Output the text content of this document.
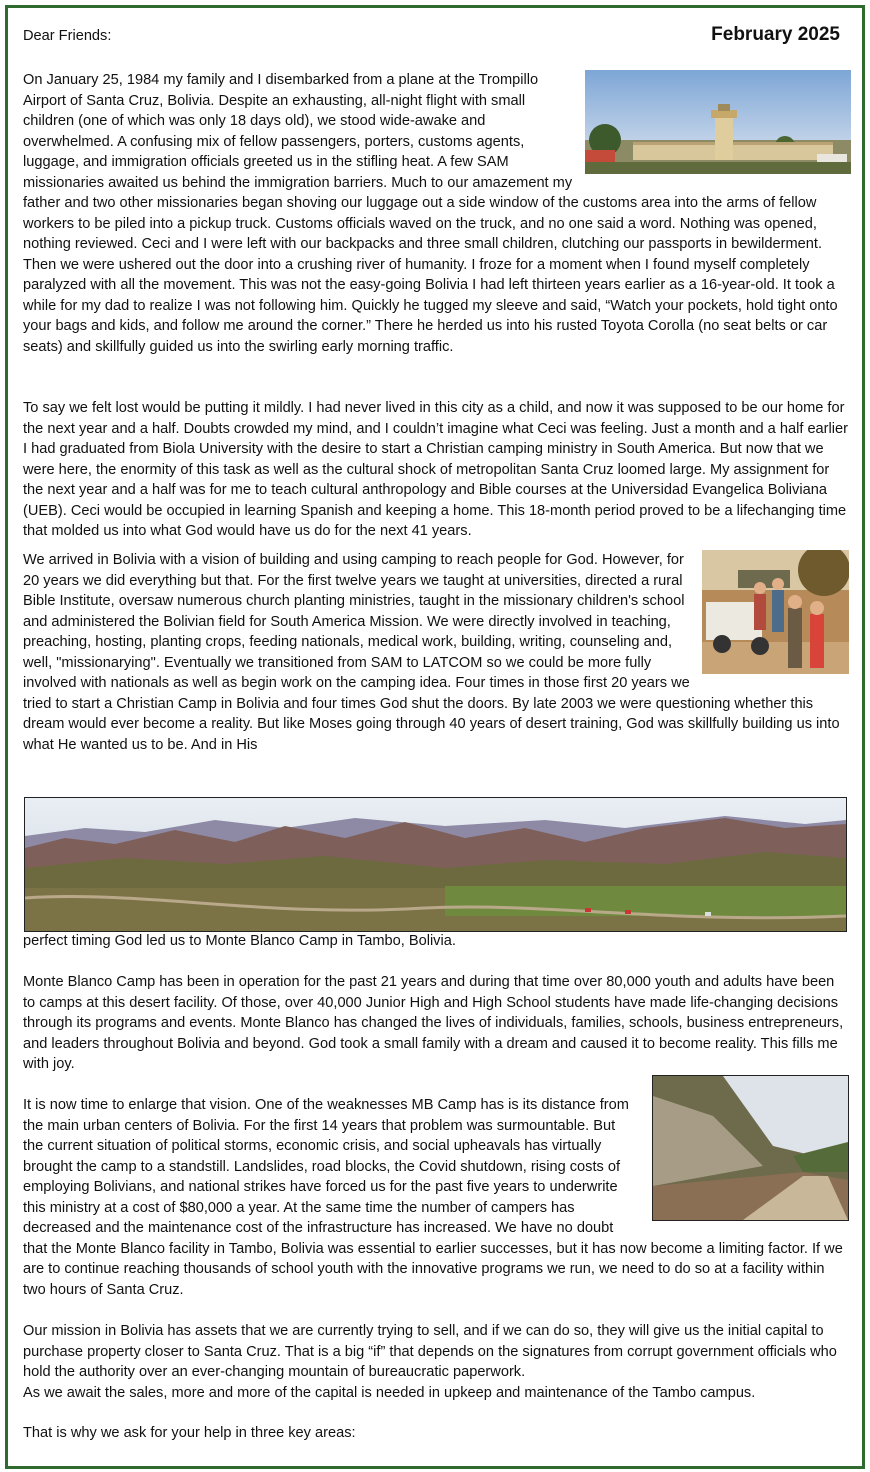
Dear Friends:	February 2025

On January 25, 1984 my family and I disembarked from a plane at the Trompillo Airport of Santa Cruz, Bolivia. Despite an exhausting, all-night flight with small children (one of which was only 18 days old), we stood wide-awake and overwhelmed. A confusing mix of fellow passengers, porters, customs agents, luggage, and immigration officials greeted us in the stifling heat. A few SAM missionaries awaited us behind the immigration barriers. Much to our amazement my father and two other missionaries began shoving our luggage out a side window of the customs area into the arms of fellow workers to be piled into a pickup truck. Customs officials waved on the truck, and no one said a word. Nothing was opened, nothing reviewed. Ceci and I were left with our backpacks and three small children, clutching our passports in bewilderment. Then we were ushered out the door into a crushing river of humanity. I froze for a moment when I found myself completely paralyzed with all the movement. This was not the easy-going Bolivia I had left thirteen years earlier as a 16-year-old. It took a while for my dad to realize I was not following him. Quickly he tugged my sleeve and said, “Watch your pockets, hold tight onto your bags and kids, and follow me around the corner.” There he herded us into his rusted Toyota Corolla (no seat belts or car seats) and skillfully guided us into the swirling early morning traffic.

To say we felt lost would be putting it mildly. I had never lived in this city as a child, and now it was supposed to be our home for the next year and a half. Doubts crowded my mind, and I couldn’t imagine what Ceci was feeling. Just a month and a half earlier I had graduated from Biola University with the desire to start a Christian camping ministry in South America. But now that we were here, the enormity of this task as well as the cultural shock of metropolitan Santa Cruz loomed large. My assignment for the next year and a half was for me to teach cultural anthropology and Bible courses at the Universidad Evangelica Boliviana (UEB). Ceci would be occupied in learning Spanish and keeping a home. This 18-month period proved to be a lifechanging time that molded us into what God would have us do for the next 41 years.

We arrived in Bolivia with a vision of building and using camping to reach people for God. However, for 20 years we did everything but that. For the first twelve years we taught at universities, directed a rural Bible Institute, oversaw numerous church planting ministries, taught in the missionary children's school and administered the Bolivian field for South America Mission. We were directly involved in teaching, preaching, hosting, planting crops, feeding nationals, medical work, building, writing, counseling and, well, "missionarying". Eventually we transitioned from SAM to LATCOM so we could be more fully involved with nationals as well as begin work on the camping idea. Four times in those first 20 years we tried to start a Christian Camp in Bolivia and four times God shut the doors. By late 2003 we were questioning whether this dream would ever become a reality. But like Moses going through 40 years of desert training, God was skillfully building us into what He wanted us to be. And in His

perfect timing God led us to Monte Blanco Camp in Tambo, Bolivia.

Monte Blanco Camp has been in operation for the past 21 years and during that time over 80,000 youth and adults have been to camps at this desert facility. Of those, over 40,000 Junior High and High School students have made life-changing decisions through its programs and events. Monte Blanco has changed the lives of individuals, families, schools, business entrepreneurs, and leaders throughout Bolivia and beyond. God took a small family with a dream and caused it to become reality. This fills me with joy.

It is now time to enlarge that vision. One of the weaknesses MB Camp has is its distance from the main urban centers of Bolivia. For the first 14 years that problem was surmountable. But the current situation of political storms, economic crisis, and social upheavals has virtually brought the camp to a standstill. Landslides, road blocks, the Covid shutdown, rising costs of employing Bolivians, and national strikes have forced us for the past five years to underwrite this ministry at a cost of $80,000 a year. At the same time the number of campers has decreased and the maintenance cost of the infrastructure has increased. We have no doubt that the Monte Blanco facility in Tambo, Bolivia was essential to earlier successes, but it has now become a limiting factor. If we are to continue reaching thousands of school youth with the innovative programs we run, we need to do so at a facility within two hours of Santa Cruz.

Our mission in Bolivia has assets that we are currently trying to sell, and if we can do so, they will give us the initial capital to purchase property closer to Santa Cruz. That is a big “if” that depends on the signatures from corrupt government officials who hold the authority over an ever-changing mountain of bureaucratic paperwork.

As we await the sales, more and more of the capital is needed in upkeep and maintenance of the Tambo campus.

That is why we ask for your help in three key areas:
